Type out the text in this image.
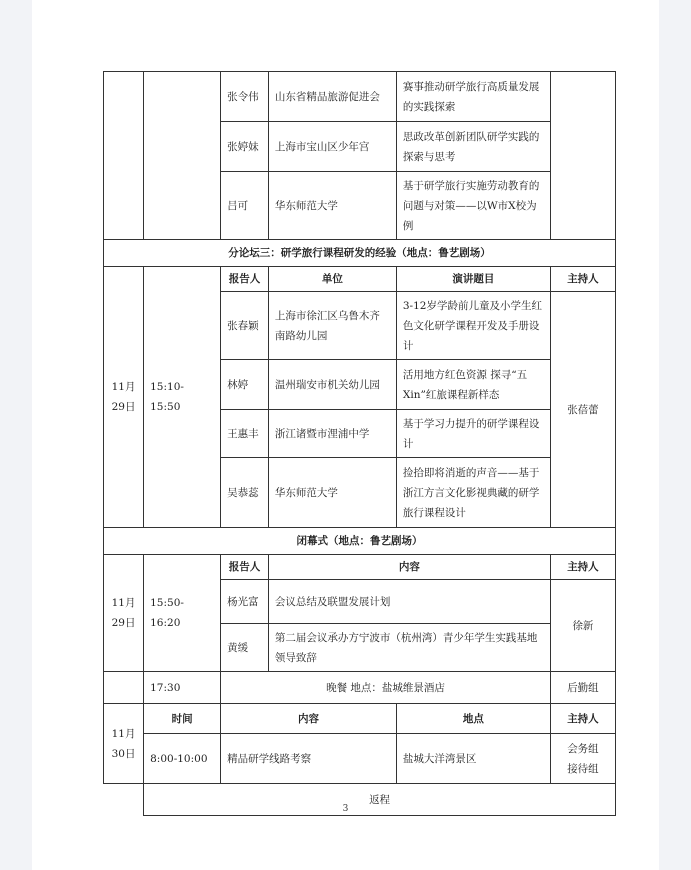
		张令伟	山东省精品旅游促进会	赛事推动研学旅行高质量发展的实践探索	
		张婷妹	上海市宝山区少年宫	思政改革创新团队研学实践的探索与思考	
		吕可	华东师范大学	基于研学旅行实施劳动教育的问题与对策——以W市X校为例	
分论坛三：研学旅行课程研发的经验（地点：鲁艺剧场）					
11月29日	15:10-15:50	报告人	单位	演讲题目	主持人
		张春颖	上海市徐汇区乌鲁木齐南路幼儿园	3-12岁学龄前儿童及小学生红色文化研学课程开发及手册设计	张蓓蕾
		林婷	温州瑞安市机关幼儿园	活用地方红色资源 探寻“五Xin”红旅课程新样态	
		王惠丰	浙江诸暨市浬浦中学	基于学习力提升的研学课程设计	
		吴恭蕊	华东师范大学	捡拾即将消逝的声音——基于浙江方言文化影视典藏的研学旅行课程设计	
闭幕式（地点：鲁艺剧场）					
11月29日	15:50-16:20	报告人	内容		主持人
		杨光富	会议总结及联盟发展计划		徐新
		黄缓	第二届会议承办方宁波市（杭州湾）青少年学生实践基地领导致辞		
	17:30	晚餐 地点：盐城维景酒店			后勤组
11月30日	时间	内容		地点	主持人
	8:00-10:00	精品研学线路考察		盐城大洋湾景区	会务组
接待组
	返程				
3
